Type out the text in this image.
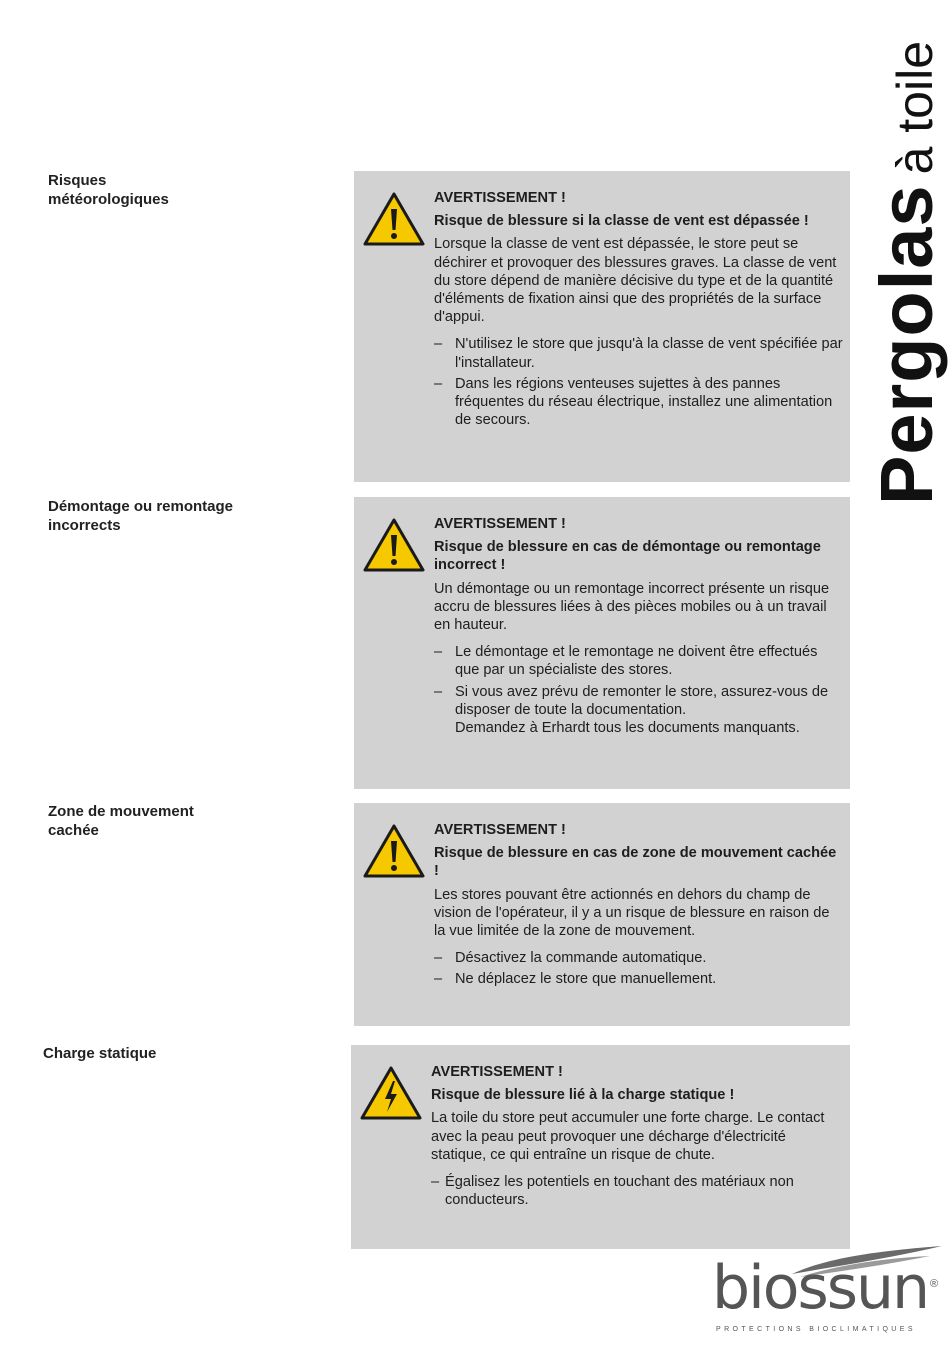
Pergolasà toile
Risques
météorologiques	AVERTISSEMENT !
Risque de blessure si la classe de vent est dépassée !
Lorsque la classe de vent est dépassée, le store peut se déchirer et provoquer des blessures graves. La classe de vent du store dépend de manière décisive du type et de la quantité d'éléments de fixation ainsi que des propriétés de la surface d'appui.
– N'utilisez le store que jusqu'à la classe de vent spécifiée par l'installateur.
– Dans les régions venteuses sujettes à des pannes fréquentes du réseau électrique, installez une alimentation de secours.
Démontage ou remontage
incorrects	AVERTISSEMENT !
Risque de blessure en cas de démontage ou remontage incorrect !
Un démontage ou un remontage incorrect présente un risque accru de blessures liées à des pièces mobiles ou à un travail en hauteur.
– Le démontage et le remontage ne doivent être effectués que par un spécialiste des stores.
– Si vous avez prévu de remonter le store, assurez-vous de disposer de toute la documentation.
Demandez à Erhardt tous les documents manquants.
Zone de mouvement
cachée	AVERTISSEMENT !
Risque de blessure en cas de zone de mouvement cachée !
Les stores pouvant être actionnés en dehors du champ de vision de l'opérateur, il y a un risque de blessure en raison de la vue limitée de la zone de mouvement.
– Désactivez la commande automatique.
– Ne déplacez le store que manuellement.
Charge statique
AVERTISSEMENT !
Risque de blessure lié à la charge statique !
La toile du store peut accumuler une forte charge. Le contact avec la peau peut provoquer une décharge d'électricité statique, ce qui entraîne un risque de chute.
– Égalisez les potentiels en touchant des matériaux non conducteurs.
biossun ®
PROTECTIONS BIOCLIMATIQUES
